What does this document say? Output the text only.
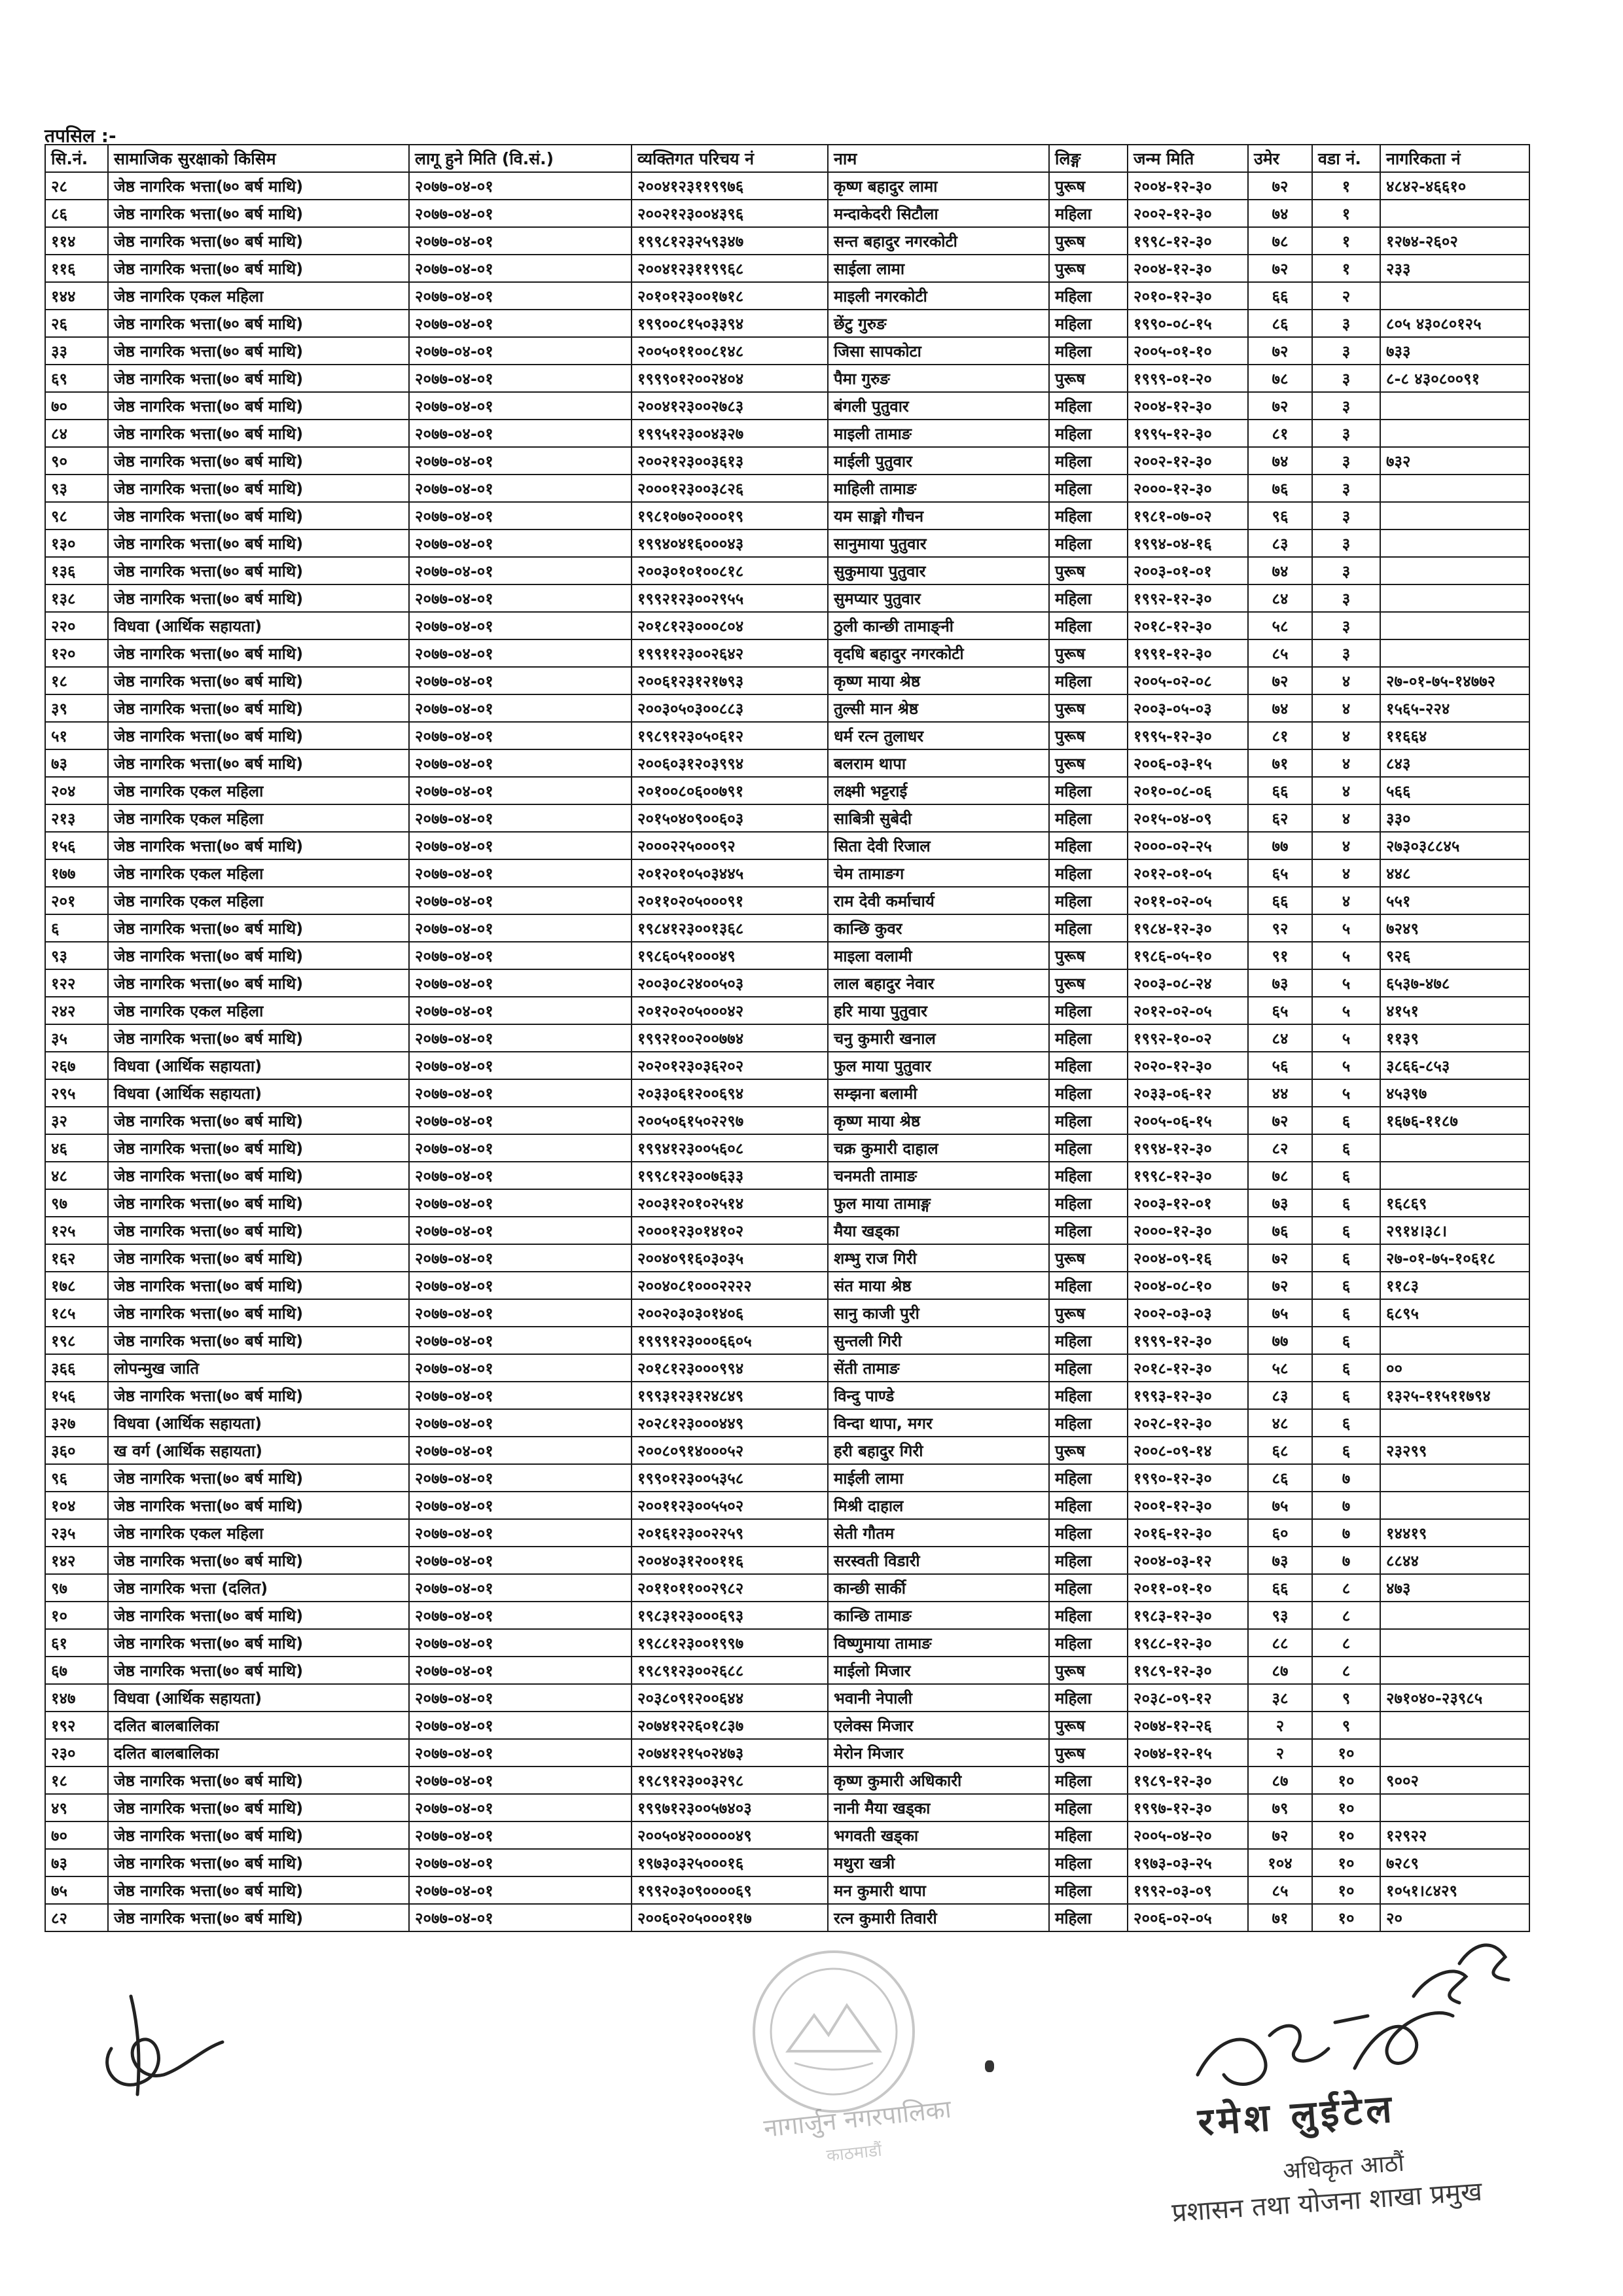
तपसिल :-
सि.नं.	सामाजिक सुरक्षाको किसिम	लागू हुने मिति (वि.सं.)	व्यक्तिगत परिचय नं	नाम	लिङ्ग	जन्म मिति	उमेर	वडा नं.	नागरिकता नं
२८	जेष्ठ नागरिक भत्ता(७० बर्ष माथि)	२०७७-०४-०१	२००४१२३११९९७६	कृष्ण बहादुर लामा	पुरूष	२००४-१२-३०	७२	१	४८४२-४६६१०
८६	जेष्ठ नागरिक भत्ता(७० बर्ष माथि)	२०७७-०४-०१	२००२१२३००४३९६	मन्दाकेदरी सिटौला	महिला	२००२-१२-३०	७४	१	
११४	जेष्ठ नागरिक भत्ता(७० बर्ष माथि)	२०७७-०४-०१	१९९८१२३२५९३४७	सन्त बहादुर नगरकोटी	पुरूष	१९९८-१२-३०	७८	१	१२७४-२६०२
११६	जेष्ठ नागरिक भत्ता(७० बर्ष माथि)	२०७७-०४-०१	२००४१२३११९९६८	साईला लामा	पुरूष	२००४-१२-३०	७२	१	२३३
१४४	जेष्ठ नागरिक एकल महिला	२०७७-०४-०१	२०१०१२३००१७१८	माइली नगरकोटी	महिला	२०१०-१२-३०	६६	२	
२६	जेष्ठ नागरिक भत्ता(७० बर्ष माथि)	२०७७-०४-०१	१९९००८१५०३३९४	छेंटु गुरुङ	महिला	१९९०-०८-१५	८६	३	८०५ ४३०८०१२५
३३	जेष्ठ नागरिक भत्ता(७० बर्ष माथि)	२०७७-०४-०१	२००५०११००८१४८	जिसा सापकोटा	महिला	२००५-०१-१०	७२	३	७३३
६९	जेष्ठ नागरिक भत्ता(७० बर्ष माथि)	२०७७-०४-०१	१९९९०१२००२४०४	पैमा गुरुङ	पुरूष	१९९९-०१-२०	७८	३	८-८ ४३०८००९१
७०	जेष्ठ नागरिक भत्ता(७० बर्ष माथि)	२०७७-०४-०१	२००४१२३००२७८३	बंगली पुतुवार	महिला	२००४-१२-३०	७२	३	
८४	जेष्ठ नागरिक भत्ता(७० बर्ष माथि)	२०७७-०४-०१	१९९५१२३००४३२७	माइली तामाङ	महिला	१९९५-१२-३०	८१	३	
९०	जेष्ठ नागरिक भत्ता(७० बर्ष माथि)	२०७७-०४-०१	२००२१२३००३६१३	माईली पुतुवार	महिला	२००२-१२-३०	७४	३	७३२
९३	जेष्ठ नागरिक भत्ता(७० बर्ष माथि)	२०७७-०४-०१	२०००१२३००३८२६	माहिली तामाङ	महिला	२०००-१२-३०	७६	३	
९८	जेष्ठ नागरिक भत्ता(७० बर्ष माथि)	२०७७-०४-०१	१९८१०७०२०००१९	यम साङ्मो गौचन	महिला	१९८१-०७-०२	९६	३	
१३०	जेष्ठ नागरिक भत्ता(७० बर्ष माथि)	२०७७-०४-०१	१९९४०४१६०००४३	सानुमाया पुतुवार	महिला	१९९४-०४-१६	८३	३	
१३६	जेष्ठ नागरिक भत्ता(७० बर्ष माथि)	२०७७-०४-०१	२००३०१०१००८१८	सुकुमाया पुतुवार	पुरूष	२००३-०१-०१	७४	३	
१३८	जेष्ठ नागरिक भत्ता(७० बर्ष माथि)	२०७७-०४-०१	१९९२१२३००२९५५	सुमप्यार पुतुवार	महिला	१९९२-१२-३०	८४	३	
२२०	विधवा (आर्थिक सहायता)	२०७७-०४-०१	२०१८१२३०००८०४	ठुली कान्छी तामाङ्नी	महिला	२०१८-१२-३०	५८	३	
१२०	जेष्ठ नागरिक भत्ता(७० बर्ष माथि)	२०७७-०४-०१	१९९११२३००२६४२	वृदधि बहादुर नगरकोटी	पुरूष	१९९१-१२-३०	८५	३	
१८	जेष्ठ नागरिक भत्ता(७० बर्ष माथि)	२०७७-०४-०१	२००६१२३१२१७९३	कृष्ण माया श्रेष्ठ	महिला	२००५-०२-०८	७२	४	२७-०१-७५-१४७७२
३९	जेष्ठ नागरिक भत्ता(७० बर्ष माथि)	२०७७-०४-०१	२००३०५०३००८८३	तुल्सी मान श्रेष्ठ	पुरूष	२००३-०५-०३	७४	४	१५६५-२२४
५१	जेष्ठ नागरिक भत्ता(७० बर्ष माथि)	२०७७-०४-०१	१९८९१२३०५०६१२	धर्म रत्न तुलाधर	पुरूष	१९९५-१२-३०	८१	४	११६६४
७३	जेष्ठ नागरिक भत्ता(७० बर्ष माथि)	२०७७-०४-०१	२००६०३१२०३९९४	बलराम थापा	पुरूष	२००६-०३-१५	७१	४	८४३
२०४	जेष्ठ नागरिक एकल महिला	२०७७-०४-०१	२०१००८०६००७९१	लक्ष्मी भट्टराई	महिला	२०१०-०८-०६	६६	४	५६६
२१३	जेष्ठ नागरिक एकल महिला	२०७७-०४-०१	२०१५०४०९००६०३	साबित्री सुबेदी	महिला	२०१५-०४-०९	६२	४	३३०
१५६	जेष्ठ नागरिक भत्ता(७० बर्ष माथि)	२०७७-०४-०१	२०००२२५०००९२	सिता देवी रिजाल	महिला	२०००-०२-२५	७७	४	२७३०३८८४५
१७७	जेष्ठ नागरिक एकल महिला	२०७७-०४-०१	२०१२०१०५०३४४५	चेम तामाङग	महिला	२०१२-०१-०५	६५	४	४४८
२०१	जेष्ठ नागरिक एकल महिला	२०७७-०४-०१	२०११०२०५०००९१	राम देवी कर्माचार्य	महिला	२०११-०२-०५	६६	४	५५१
६	जेष्ठ नागरिक भत्ता(७० बर्ष माथि)	२०७७-०४-०१	१९८४१२३००१३६८	कान्छि कुवर	महिला	१९८४-१२-३०	९२	५	७२४९
९३	जेष्ठ नागरिक भत्ता(७० बर्ष माथि)	२०७७-०४-०१	१९८६०५१०००४९	माइला वलामी	पुरूष	१९८६-०५-१०	९१	५	९२६
१२२	जेष्ठ नागरिक भत्ता(७० बर्ष माथि)	२०७७-०४-०१	२००३०८२४००५०३	लाल बहादुर नेवार	पुरूष	२००३-०८-२४	७३	५	६५३७-४७८
२४२	जेष्ठ नागरिक एकल महिला	२०७७-०४-०१	२०१२०२०५०००४२	हरि माया पुतुवार	महिला	२०१२-०२-०५	६५	५	४१५१
३५	जेष्ठ नागरिक भत्ता(७० बर्ष माथि)	२०७७-०४-०१	१९९२१००२००७७४	चनु कुमारी खनाल	महिला	१९९२-१०-०२	८४	५	११३९
२६७	विधवा (आर्थिक सहायता)	२०७७-०४-०१	२०२०१२३०३६२०२	फुल माया पुतुवार	महिला	२०२०-१२-३०	५६	५	३८६६-८५३
२९५	विधवा (आर्थिक सहायता)	२०७७-०४-०१	२०३३०६१२००६९४	सम्झना बलामी	महिला	२०३३-०६-१२	४४	५	४५३९७
३२	जेष्ठ नागरिक भत्ता(७० बर्ष माथि)	२०७७-०४-०१	२००५०६१५०२२९७	कृष्ण माया श्रेष्ठ	महिला	२००५-०६-१५	७२	६	१६७६-११८७
४६	जेष्ठ नागरिक भत्ता(७० बर्ष माथि)	२०७७-०४-०१	१९९४१२३००५६०८	चक्र कुमारी दाहाल	महिला	१९९४-१२-३०	८२	६	
४८	जेष्ठ नागरिक भत्ता(७० बर्ष माथि)	२०७७-०४-०१	१९९८१२३००७६३३	चनमती तामाङ	महिला	१९९८-१२-३०	७८	६	
९७	जेष्ठ नागरिक भत्ता(७० बर्ष माथि)	२०७७-०४-०१	२००३१२०१०२५१४	फुल माया तामाङ्ग	महिला	२००३-१२-०१	७३	६	१६८६९
१२५	जेष्ठ नागरिक भत्ता(७० बर्ष माथि)	२०७७-०४-०१	२०००१२३०१४१०२	मैया खड्का	महिला	२०००-१२-३०	७६	६	२९१४।३८।
१६२	जेष्ठ नागरिक भत्ता(७० बर्ष माथि)	२०७७-०४-०१	२००४०९१६०३०३५	शम्भु राज गिरी	पुरूष	२००४-०९-१६	७२	६	२७-०१-७५-१०६१८
१७८	जेष्ठ नागरिक भत्ता(७० बर्ष माथि)	२०७७-०४-०१	२००४०८१०००२२२२	संत माया श्रेष्ठ	महिला	२००४-०८-१०	७२	६	११८३
१८५	जेष्ठ नागरिक भत्ता(७० बर्ष माथि)	२०७७-०४-०१	२००२०३०३०१४०६	सानु काजी पुरी	पुरूष	२००२-०३-०३	७५	६	६८९५
१९८	जेष्ठ नागरिक भत्ता(७० बर्ष माथि)	२०७७-०४-०१	१९९९१२३०००६६०५	सुन्तली गिरी	महिला	१९९९-१२-३०	७७	६	
३६६	लोपन्मुख जाति	२०७७-०४-०१	२०१८१२३०००९९४	सेंती तामाङ	महिला	२०१८-१२-३०	५८	६	००
१५६	जेष्ठ नागरिक भत्ता(७० बर्ष माथि)	२०७७-०४-०१	१९९३१२३१२४८४९	विन्दु पाण्डे	महिला	१९९३-१२-३०	८३	६	१३२५-११५११७९४
३२७	विधवा (आर्थिक सहायता)	२०७७-०४-०१	२०२८१२३०००४४९	विन्दा थापा, मगर	महिला	२०२८-१२-३०	४८	६	
३६०	ख वर्ग (आर्थिक सहायता)	२०७७-०४-०१	२००८०९१४०००५२	हरी बहादुर गिरी	पुरूष	२००८-०९-१४	६८	६	२३२९९
९६	जेष्ठ नागरिक भत्ता(७० बर्ष माथि)	२०७७-०४-०१	१९९०१२३००५३५८	माईली लामा	महिला	१९९०-१२-३०	८६	७	
१०४	जेष्ठ नागरिक भत्ता(७० बर्ष माथि)	२०७७-०४-०१	२००११२३००५५०२	मिश्री दाहाल	महिला	२००१-१२-३०	७५	७	
२३५	जेष्ठ नागरिक एकल महिला	२०७७-०४-०१	२०१६१२३००२२५९	सेती गौतम	महिला	२०१६-१२-३०	६०	७	१४४१९
१४२	जेष्ठ नागरिक भत्ता(७० बर्ष माथि)	२०७७-०४-०१	२००४०३१२००११६	सरस्वती विडारी	महिला	२००४-०३-१२	७३	७	८८४४
९७	जेष्ठ नागरिक भत्ता (दलित)	२०७७-०४-०१	२०११०११००२९८२	कान्छी सार्की	महिला	२०११-०१-१०	६६	८	४७३
१०	जेष्ठ नागरिक भत्ता(७० बर्ष माथि)	२०७७-०४-०१	१९८३१२३०००६९३	कान्छि तामाङ	महिला	१९८३-१२-३०	९३	८	
६१	जेष्ठ नागरिक भत्ता(७० बर्ष माथि)	२०७७-०४-०१	१९८८१२३००१९९७	विष्णुमाया तामाङ	महिला	१९८८-१२-३०	८८	८	
६७	जेष्ठ नागरिक भत्ता(७० बर्ष माथि)	२०७७-०४-०१	१९८९१२३००२६८८	माईलो मिजार	पुरूष	१९८९-१२-३०	८७	८	
१४७	विधवा (आर्थिक सहायता)	२०७७-०४-०१	२०३८०९१२००६४४	भवानी नेपाली	महिला	२०३८-०९-१२	३८	९	२७१०४०-२३९८५
१९२	दलित बालबालिका	२०७७-०४-०१	२०७४१२२६०१८३७	एलेक्स मिजार	पुरूष	२०७४-१२-२६	२	९	
२३०	दलित बालबालिका	२०७७-०४-०१	२०७४१२१५०२४७३	मेरोन मिजार	पुरूष	२०७४-१२-१५	२	१०	
१८	जेष्ठ नागरिक भत्ता(७० बर्ष माथि)	२०७७-०४-०१	१९८९१२३००३२९८	कृष्ण कुमारी अधिकारी	महिला	१९८९-१२-३०	८७	१०	९००२
४९	जेष्ठ नागरिक भत्ता(७० बर्ष माथि)	२०७७-०४-०१	१९९७१२३००५७४०३	नानी मैया खड्का	महिला	१९९७-१२-३०	७९	१०	
७०	जेष्ठ नागरिक भत्ता(७० बर्ष माथि)	२०७७-०४-०१	२००५०४२०००००४९	भगवती खड्का	महिला	२००५-०४-२०	७२	१०	१२९२२
७३	जेष्ठ नागरिक भत्ता(७० बर्ष माथि)	२०७७-०४-०१	१९७३०३२५०००१६	मथुरा खत्री	महिला	१९७३-०३-२५	१०४	१०	७२८९
७५	जेष्ठ नागरिक भत्ता(७० बर्ष माथि)	२०७७-०४-०१	१९९२०३०९००००६९	मन कुमारी थापा	महिला	१९९२-०३-०९	८५	१०	१०५१।८४२९
८२	जेष्ठ नागरिक भत्ता(७० बर्ष माथि)	२०७७-०४-०१	२००६०२०५०००११७	रत्न कुमारी तिवारी	महिला	२००६-०२-०५	७१	१०	२०
नागार्जुन नगरपालिका
काठमाडौं
रमेश लुईटेल
अधिकृत आठौं
प्रशासन तथा योजना शाखा प्रमुख
